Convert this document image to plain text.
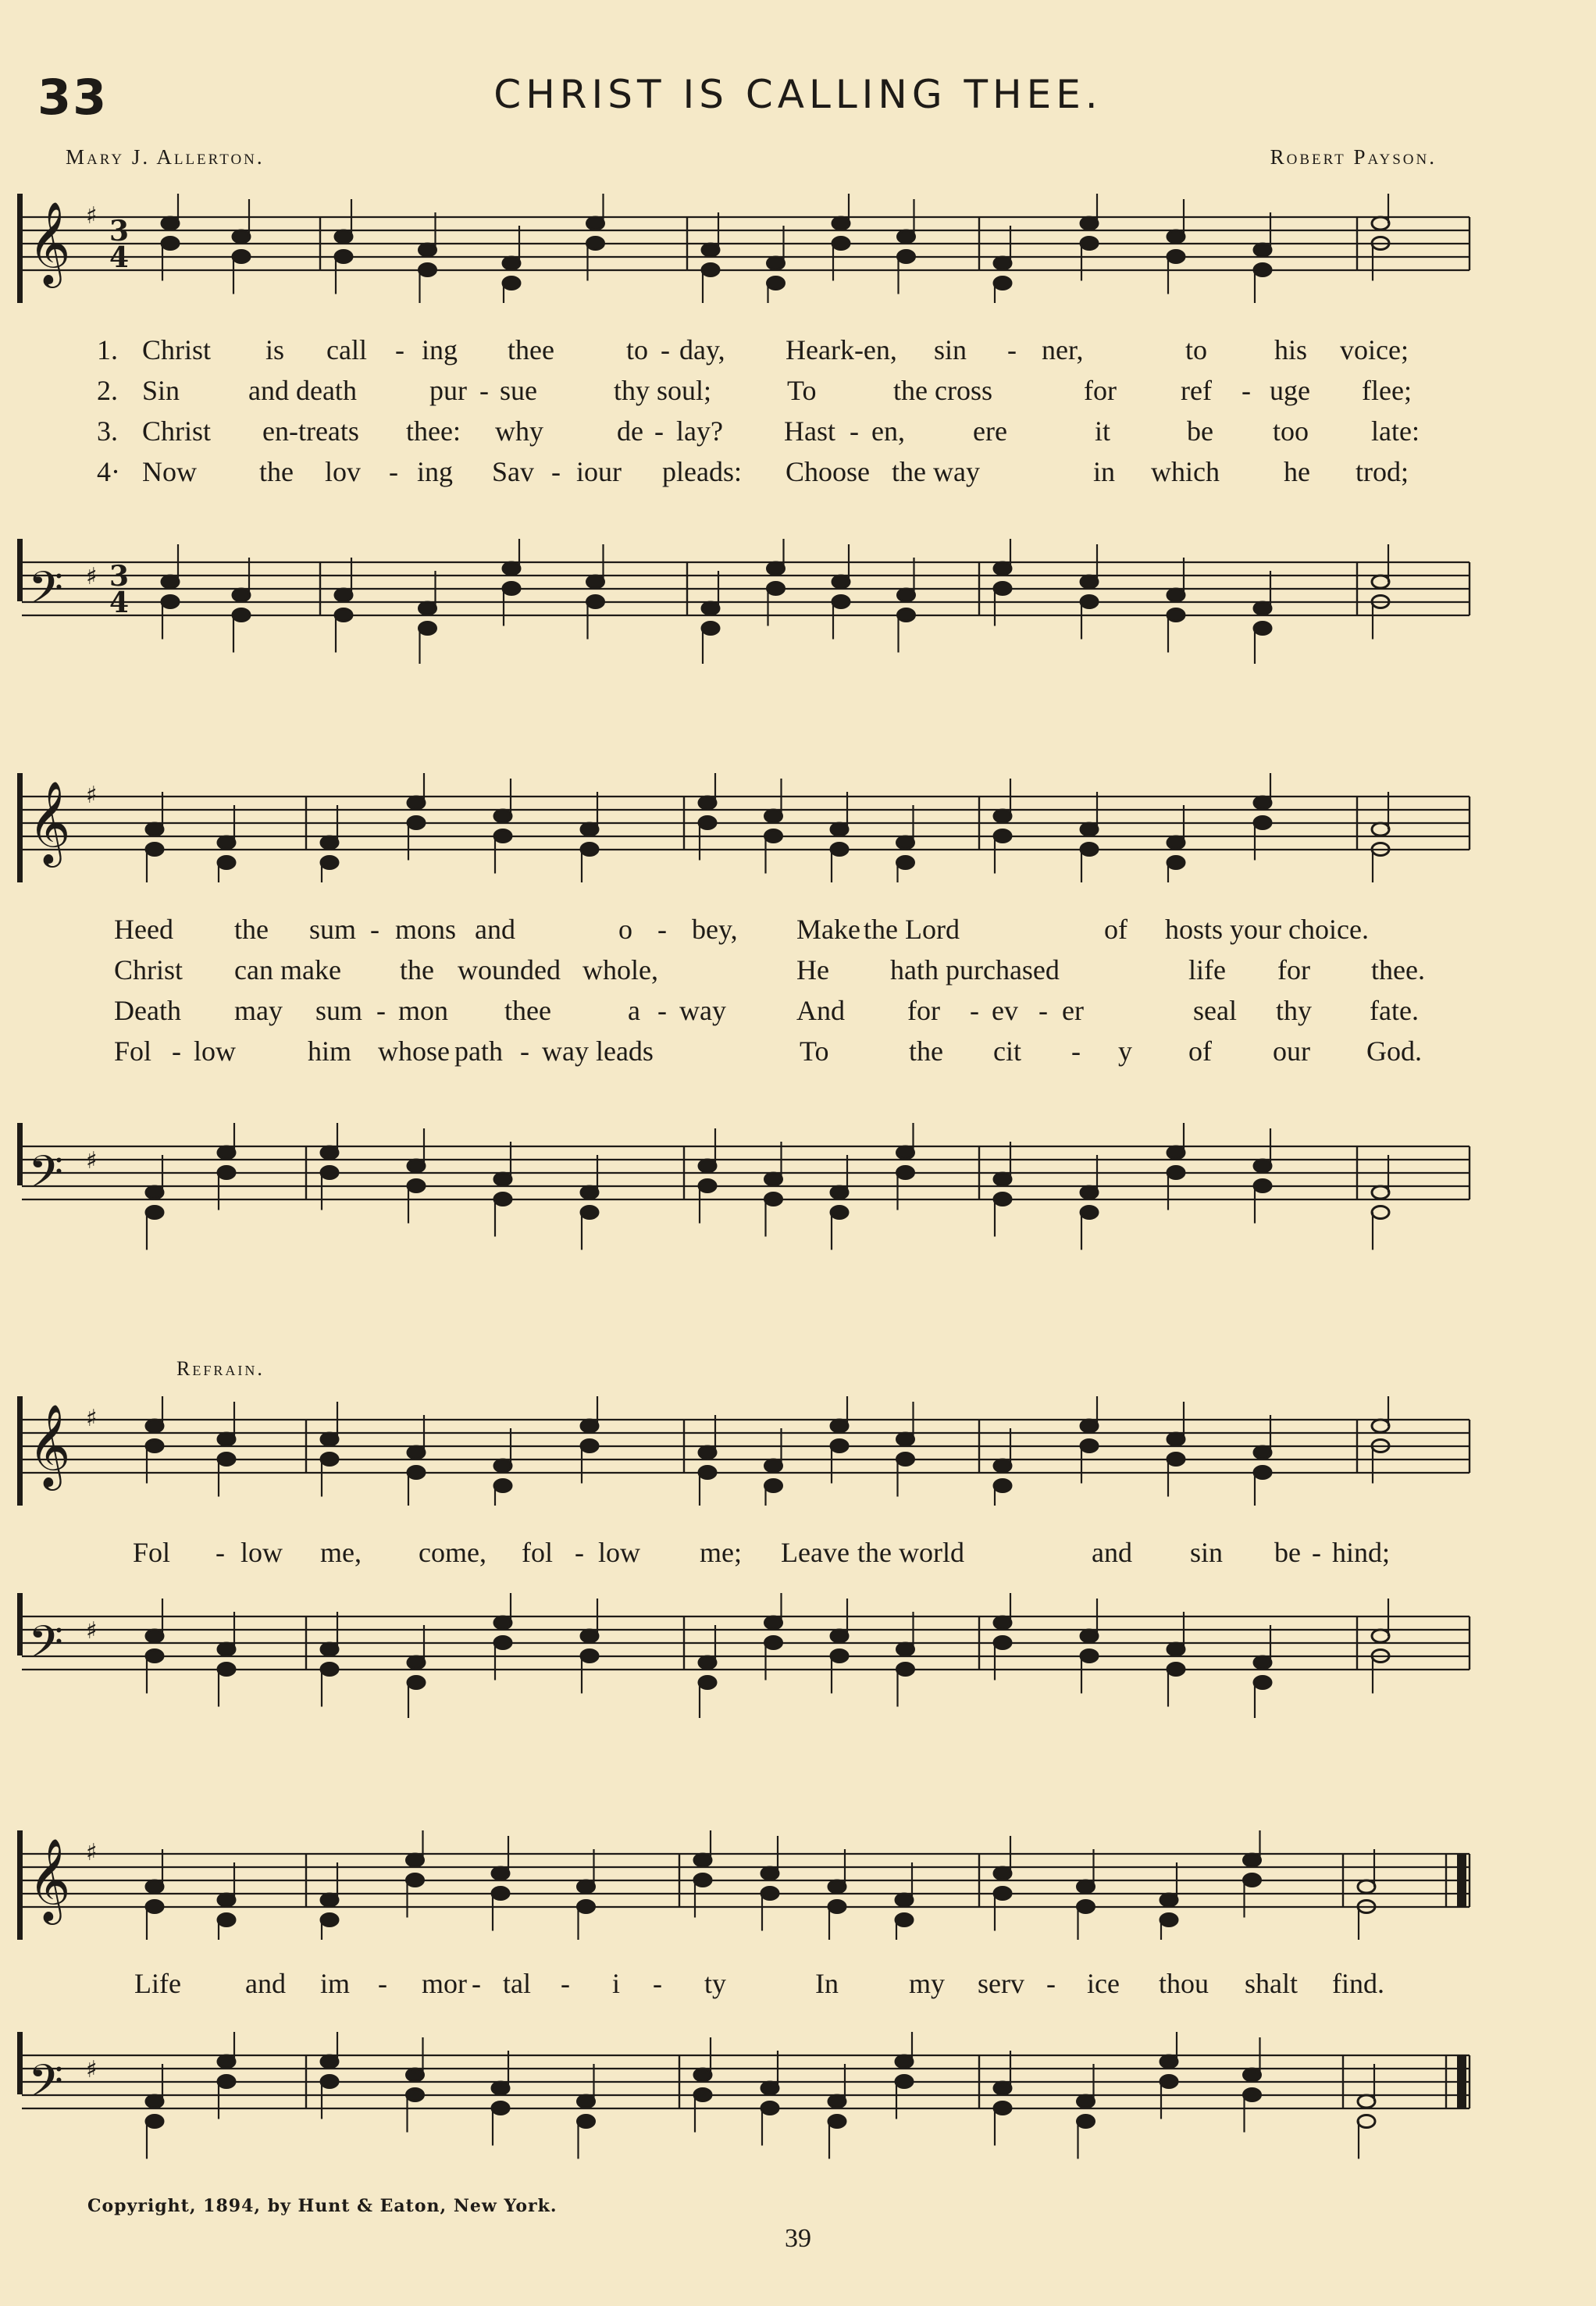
33	CHRIST IS CALLING THEE.
Mary J. Allerton.	Robert Payson.
𝄞 ♯ 3
4
𝄢 ♯ 3
4
𝄞 ♯
𝄢 ♯
𝄞 ♯
𝄢 ♯
𝄞 ♯
𝄢 ♯
1. Christ is call - ing thee	to - day, Heark-en, sin - ner,	to his voice;
2. Sin and death	pur - sue	thy soul;	To	the cross	for ref - uge flee;
3. Christ en-treats thee: why	de - lay? Hast - en, ere	it	be too late:
4· Now the lov - ing Sav - iour pleads: Choose the way	in which he trod;
Heed the sum - mons and	o - bey, Make the Lord	of hosts your choice.
Christ can make the wounded whole,	He hath purchased	life for thee.
Death may sum - mon thee	a - way	And for - ev - er	seal thy fate.
Fol - low	him whose path - way leads	To	the cit - y of our God.
Refrain.
Fol - low me, come, fol - low me; Leave the world	and sin be - hind;
Life and im - mor - tal - i - ty	In	my serv - ice thou shalt find.
Copyright, 1894, by Hunt & Eaton, New York.
39
